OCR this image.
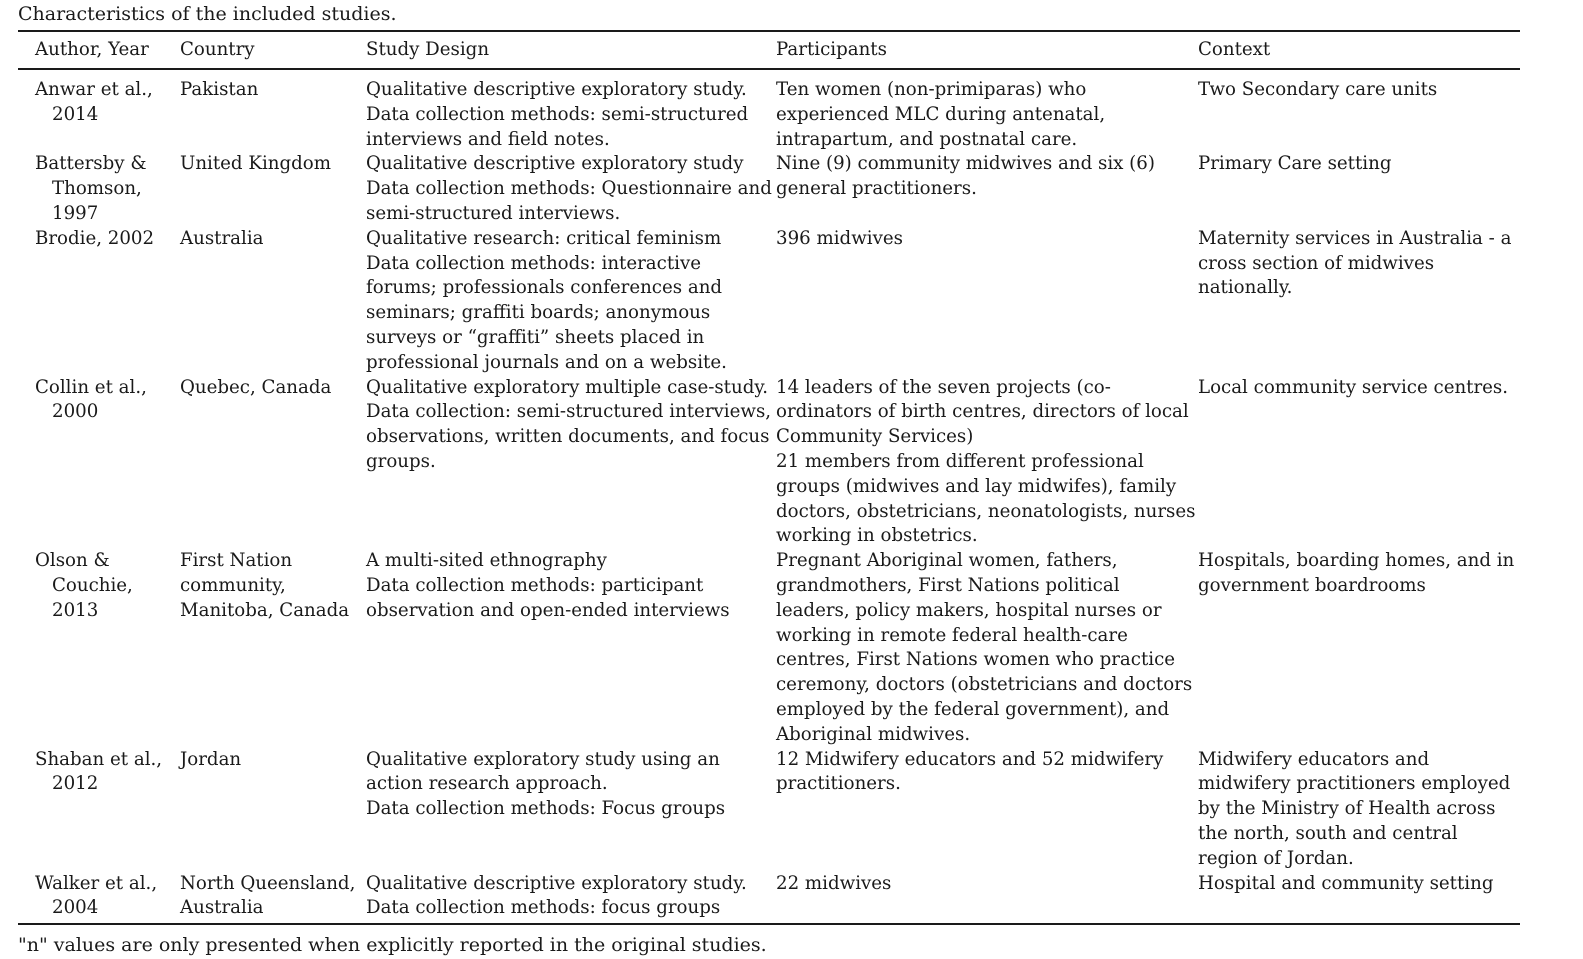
Characteristics of the included studies.

Author, Year	Country	Study Design	Participants	Context

Anwar et al., 2014	Pakistan	Qualitative descriptive exploratory study.
Data collection methods: semi-structured interviews and field notes.	Ten women (non-primiparas) who experienced MLC during antenatal, intrapartum, and postnatal care.	Two Secondary care units

Battersby & Thomson, 1997	United Kingdom	Qualitative descriptive exploratory study
Data collection methods: Questionnaire and semi-structured interviews.	Nine (9) community midwives and six (6) general practitioners.	Primary Care setting

Brodie, 2002	Australia	Qualitative research: critical feminism
Data collection methods: interactive forums; professionals conferences and seminars; graffiti boards; anonymous surveys or “graffiti” sheets placed in professional journals and on a website.	396 midwives	Maternity services in Australia - a cross section of midwives nationally.

Collin et al., 2000	Quebec, Canada	Qualitative exploratory multiple case-study.
Data collection: semi-structured interviews, observations, written documents, and focus groups.	14 leaders of the seven projects (co-ordinators of birth centres, directors of local Community Services)
21 members from different professional groups (midwives and lay midwifes), family doctors, obstetricians, neonatologists, nurses working in obstetrics.	Local community service centres.

Olson & Couchie, 2013	First Nation community, Manitoba, Canada	A multi-sited ethnography
Data collection methods: participant observation and open-ended interviews	Pregnant Aboriginal women, fathers, grandmothers, First Nations political leaders, policy makers, hospital nurses or working in remote federal health-care centres, First Nations women who practice ceremony, doctors (obstetricians and doctors employed by the federal government), and Aboriginal midwives.	Hospitals, boarding homes, and in government boardrooms

Shaban et al., 2012	Jordan	Qualitative exploratory study using an action research approach.
Data collection methods: Focus groups	12 Midwifery educators and 52 midwifery practitioners.	Midwifery educators and midwifery practitioners employed by the Ministry of Health across the north, south and central region of Jordan.

Walker et al., 2004	North Queensland, Australia	Qualitative descriptive exploratory study.
Data collection methods: focus groups	22 midwives	Hospital and community setting

"n" values are only presented when explicitly reported in the original studies.
